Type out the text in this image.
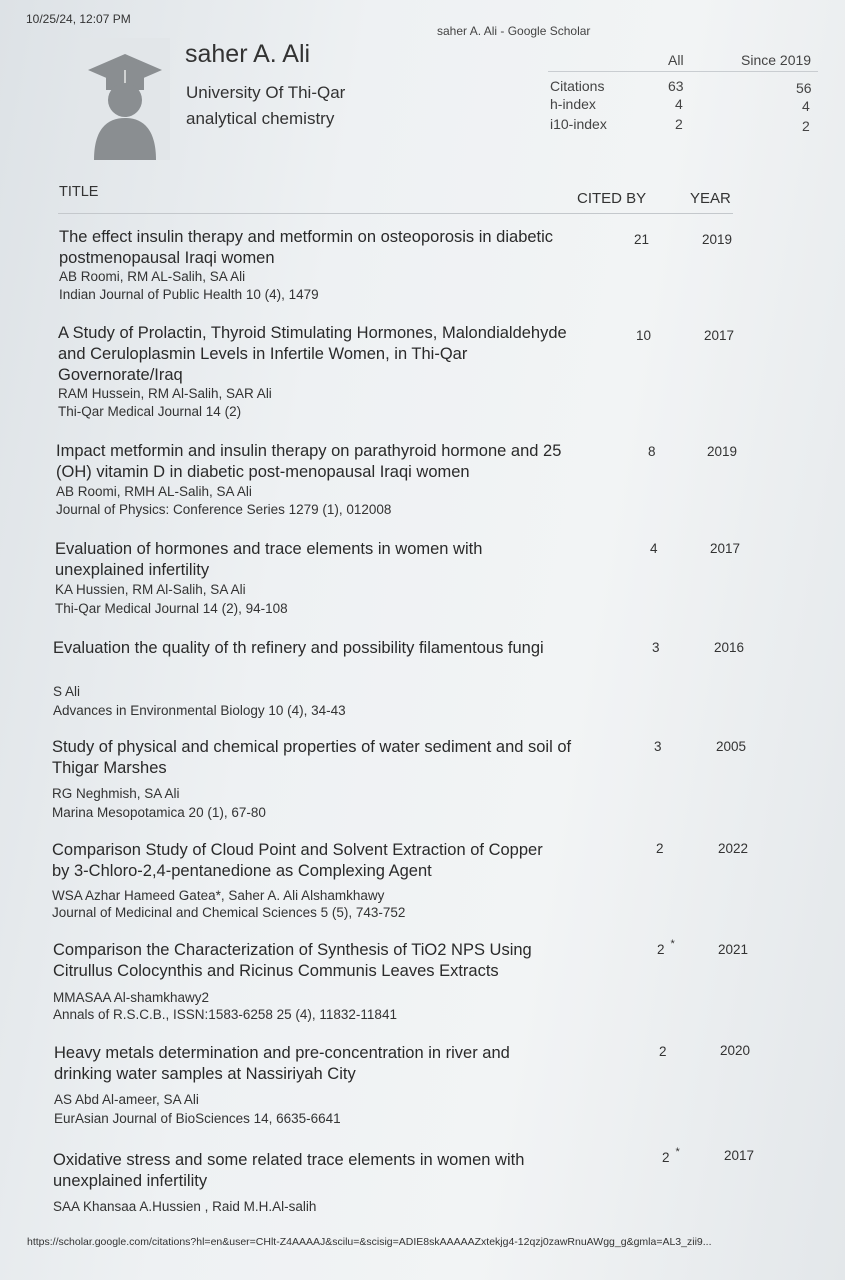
10/25/24, 12:07 PM
saher A. Ali - Google Scholar
saher A. Ali
University Of Thi-Qar
analytical chemistry
All	Since 2019
Citations	63	56
h-index	4	4
i10-index	2	2
TITLE	CITED BY	YEAR
The effect insulin therapy and metformin on osteoporosis in diabetic postmenopausal Iraqi women
AB Roomi, RM AL-Salih, SA Ali
Indian Journal of Public Health 10 (4), 1479
21	2019
A Study of Prolactin, Thyroid Stimulating Hormones, Malondialdehyde and Ceruloplasmin Levels in Infertile Women, in Thi-Qar Governorate/Iraq
RAM Hussein, RM Al-Salih, SAR Ali
Thi-Qar Medical Journal 14 (2)
10	2017
Impact metformin and insulin therapy on parathyroid hormone and 25 (OH) vitamin D in diabetic post-menopausal Iraqi women
AB Roomi, RMH AL-Salih, SA Ali
Journal of Physics: Conference Series 1279 (1), 012008
8	2019
Evaluation of hormones and trace elements in women with unexplained infertility
KA Hussien, RM Al-Salih, SA Ali
Thi-Qar Medical Journal 14 (2), 94-108
4	2017
Evaluation the quality of th refinery and possibility filamentous fungi
S Ali
Advances in Environmental Biology 10 (4), 34-43
3	2016
Study of physical and chemical properties of water sediment and soil of Thigar Marshes
RG Neghmish, SA Ali
Marina Mesopotamica 20 (1), 67-80
3	2005
Comparison Study of Cloud Point and Solvent Extraction of Copper by 3-Chloro-2,4-pentanedione as Complexing Agent
WSA Azhar Hameed Gatea*, Saher A. Ali Alshamkhawy
Journal of Medicinal and Chemical Sciences 5 (5), 743-752
2	2022
Comparison the Characterization of Synthesis of TiO2 NPS Using Citrullus Colocynthis and Ricinus Communis Leaves Extracts
MMASAA Al-shamkhawy2
Annals of R.S.C.B., ISSN:1583-6258 25 (4), 11832-11841
2 *	2021
Heavy metals determination and pre-concentration in river and drinking water samples at Nassiriyah City
AS Abd Al-ameer, SA Ali
EurAsian Journal of BioSciences 14, 6635-6641
2	2020
Oxidative stress and some related trace elements in women with unexplained infertility
SAA Khansaa A.Hussien , Raid M.H.Al-salih
2 *	2017
https://scholar.google.com/citations?hl=en&user=CHlt-Z4AAAAJ&scilu=&scisig=ADIE8skAAAAAZxtekjg4-12qzj0zawRnuAWgg_g&gmla=AL3_zii9...
